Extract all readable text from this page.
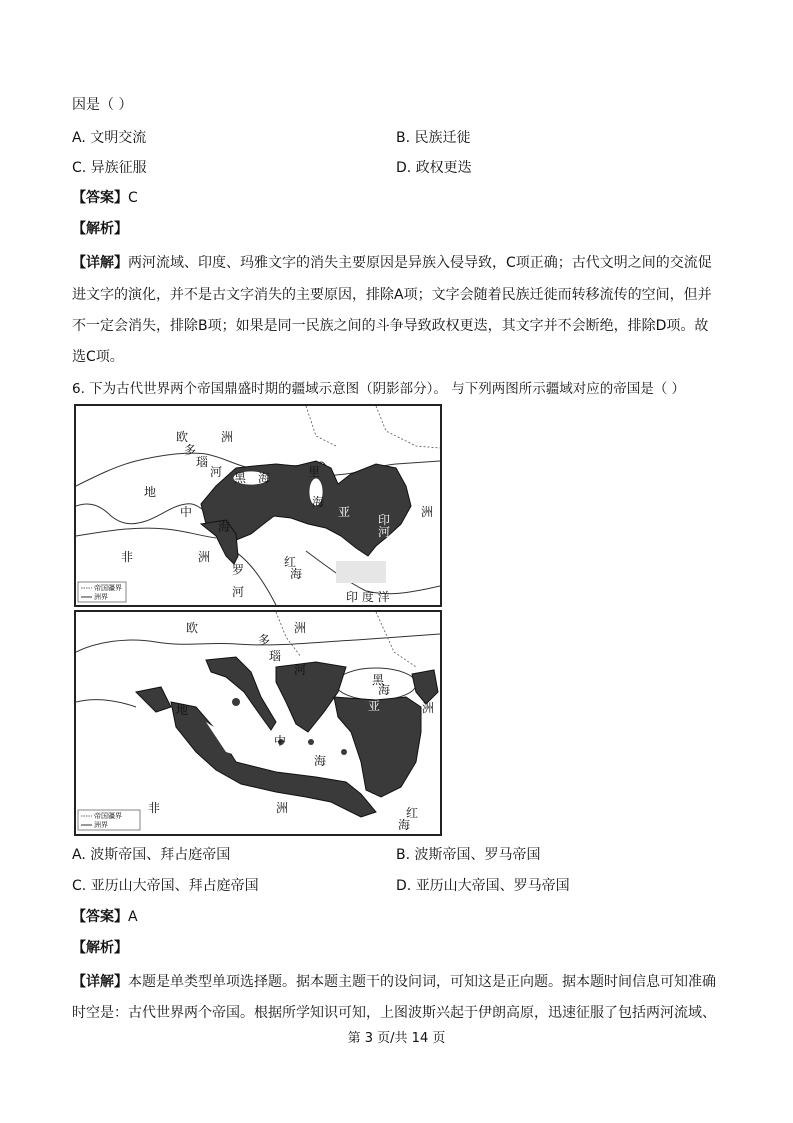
因是（ ）
A. 文明交流	B. 民族迁徙
C. 异族征服	D. 政权更迭
【答案】C
【解析】
【详解】两河流域、印度、玛雅文字的消失主要原因是异族入侵导致，C项正确；古代文明之间的交流促
进文字的演化，并不是古文字消失的主要原因，排除A项；文字会随着民族迁徙而转移流传的空间，但并
不一定会消失，排除B项；如果是同一民族之间的斗争导致政权更迭，其文字并不会断绝，排除D项。故
选C项。
6. 下为古代世界两个帝国鼎盛时期的疆域示意图（阴影部分）。 与下列两图所示疆域对应的帝国是（ ）
欧	洲
多
瑙
河 黑 海	里
海
亚	洲
地
中
海
非	洲
罗
河
红
海
印
河
印 度 洋
帝国疆界
洲界
欧	洲
多
瑙
河
黑
海
亚	洲
地
中
海
非	洲	红
海
帝国疆界
洲界
A. 波斯帝国、拜占庭帝国	B. 波斯帝国、罗马帝国
C. 亚历山大帝国、拜占庭帝国	D. 亚历山大帝国、罗马帝国
【答案】A
【解析】
【详解】本题是单类型单项选择题。据本题主题干的设问词，可知这是正向题。据本题时间信息可知准确
时空是：古代世界两个帝国。根据所学知识可知，上图波斯兴起于伊朗高原，迅速征服了包括两河流域、
第 3 页/共 14 页
